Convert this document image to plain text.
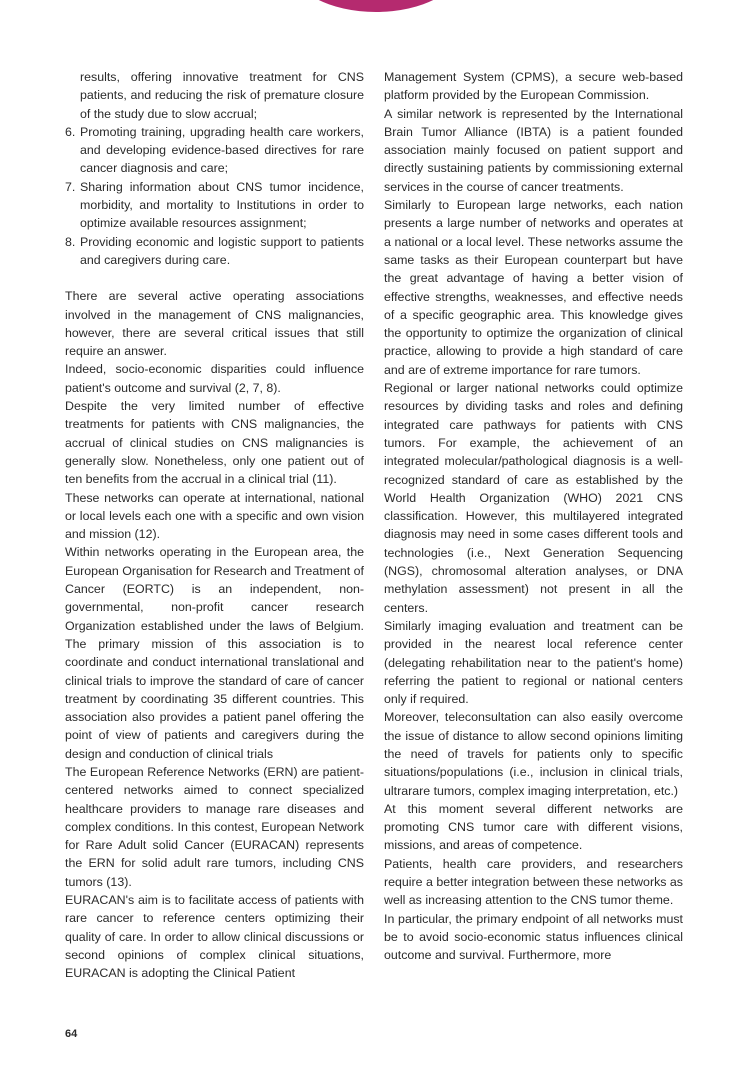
results, offering innovative treatment for CNS patients, and reducing the risk of premature closure of the study due to slow accrual;
6. Promoting training, upgrading health care workers, and developing evidence-based directives for rare cancer diagnosis and care;
7. Sharing information about CNS tumor incidence, morbidity, and mortality to Institutions in order to optimize available resources assignment;
8. Providing economic and logistic support to patients and caregivers during care.

There are several active operating associations involved in the management of CNS malignancies, however, there are several critical issues that still require an answer.

Indeed, socio-economic disparities could influence patient's outcome and survival (2, 7, 8).

Despite the very limited number of effective treatments for patients with CNS malignancies, the accrual of clinical studies on CNS malignancies is generally slow. Nonetheless, only one patient out of ten benefits from the accrual in a clinical trial (11).

These networks can operate at international, national or local levels each one with a specific and own vision and mission (12).

Within networks operating in the European area, the European Organisation for Research and Treatment of Cancer (EORTC) is an independent, non-governmental, non-profit cancer research Organization established under the laws of Belgium. The primary mission of this association is to coordinate and conduct international translational and clinical trials to improve the standard of care of cancer treatment by coordinating 35 different countries. This association also provides a patient panel offering the point of view of patients and caregivers during the design and conduction of clinical trials

The European Reference Networks (ERN) are patient-centered networks aimed to connect specialized healthcare providers to manage rare diseases and complex conditions. In this contest, European Network for Rare Adult solid Cancer (EURACAN) represents the ERN for solid adult rare tumors, including CNS tumors (13).

EURACAN's aim is to facilitate access of patients with rare cancer to reference centers optimizing their quality of care. In order to allow clinical discussions or second opinions of complex clinical situations, EURACAN is adopting the Clinical Patient

Management System (CPMS), a secure web-based platform provided by the European Commission.

A similar network is represented by the International Brain Tumor Alliance (IBTA) is a patient founded association mainly focused on patient support and directly sustaining patients by commissioning external services in the course of cancer treatments.

Similarly to European large networks, each nation presents a large number of networks and operates at a national or a local level. These networks assume the same tasks as their European counterpart but have the great advantage of having a better vision of effective strengths, weaknesses, and effective needs of a specific geographic area. This knowledge gives the opportunity to optimize the organization of clinical practice, allowing to provide a high standard of care and are of extreme importance for rare tumors.

Regional or larger national networks could optimize resources by dividing tasks and roles and defining integrated care pathways for patients with CNS tumors. For example, the achievement of an integrated molecular/pathological diagnosis is a well-recognized standard of care as established by the World Health Organization (WHO) 2021 CNS classification. However, this multilayered integrated diagnosis may need in some cases different tools and technologies (i.e., Next Generation Sequencing (NGS), chromosomal alteration analyses, or DNA methylation assessment) not present in all the centers.

Similarly imaging evaluation and treatment can be provided in the nearest local reference center (delegating rehabilitation near to the patient's home) referring the patient to regional or national centers only if required.

Moreover, teleconsultation can also easily overcome the issue of distance to allow second opinions limiting the need of travels for patients only to specific situations/populations (i.e., inclusion in clinical trials, ultrarare tumors, complex imaging interpretation, etc.)

At this moment several different networks are promoting CNS tumor care with different visions, missions, and areas of competence.

Patients, health care providers, and researchers require a better integration between these networks as well as increasing attention to the CNS tumor theme.

In particular, the primary endpoint of all networks must be to avoid socio-economic status influences clinical outcome and survival. Furthermore, more

64
